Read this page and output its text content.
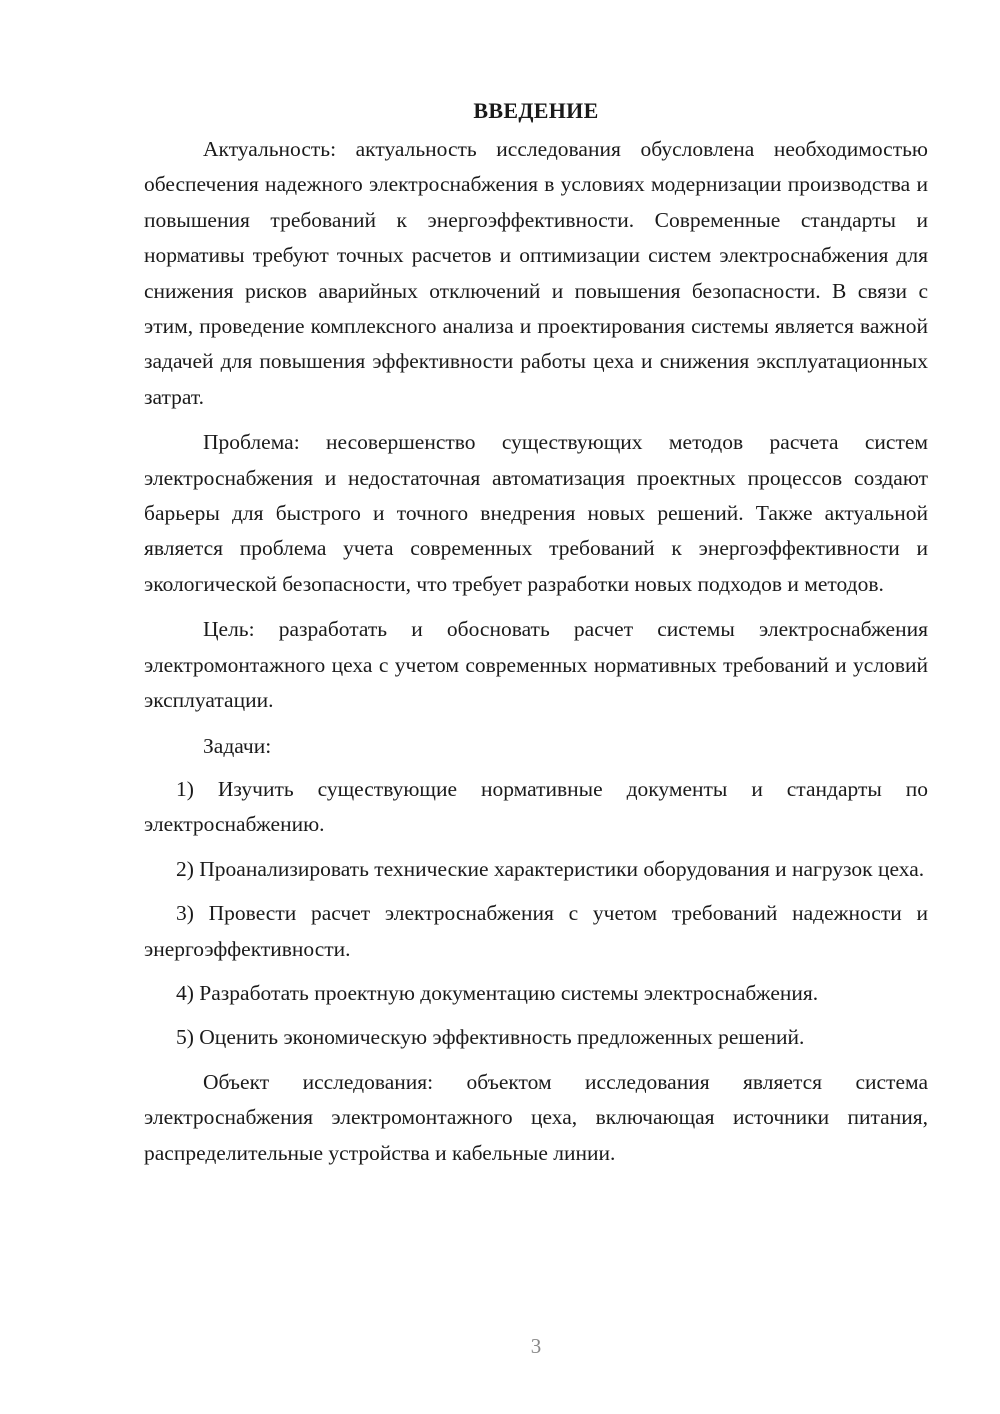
ВВЕДЕНИЕ

Актуальность: актуальность исследования обусловлена необходимостью обеспечения надежного электроснабжения в условиях модернизации производства и повышения требований к энергоэффективности. Современные стандарты и нормативы требуют точных расчетов и оптимизации систем электроснабжения для снижения рисков аварийных отключений и повышения безопасности. В связи с этим, проведение комплексного анализа и проектирования системы является важной задачей для повышения эффективности работы цеха и снижения эксплуатационных затрат.

Проблема: несовершенство существующих методов расчета систем электроснабжения и недостаточная автоматизация проектных процессов создают барьеры для быстрого и точного внедрения новых решений. Также актуальной является проблема учета современных требований к энергоэффективности и экологической безопасности, что требует разработки новых подходов и методов.

Цель: разработать и обосновать расчет системы электроснабжения электромонтажного цеха с учетом современных нормативных требований и условий эксплуатации.

Задачи:

1) Изучить существующие нормативные документы и стандарты по электроснабжению.

2) Проанализировать технические характеристики оборудования и нагрузок цеха.

3) Провести расчет электроснабжения с учетом требований надежности и энергоэффективности.

4) Разработать проектную документацию системы электроснабжения.

5) Оценить экономическую эффективность предложенных решений.

Объект исследования: объектом исследования является система электроснабжения электромонтажного цеха, включающая источники питания, распределительные устройства и кабельные линии.

3
